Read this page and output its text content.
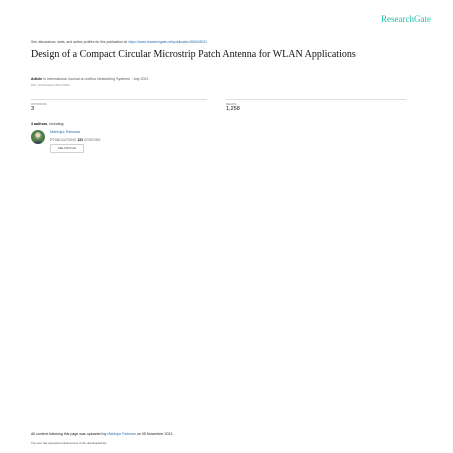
ResearchGate
See discussions, stats, and author profiles for this publication at: https://www.researchgate.net/publication/356005011
Design of a Compact Circular Microstrip Patch Antenna for WLAN Applications
Article in International Journal on AdHoc Networking Systems · July 2021
DOI: 10.5121/ijans.2021.11303
CITATIONS
3
READS
1,258
3 authors, including:
Mahfujur Rahman
7 PUBLICATIONS 223 CITATIONS
SEE PROFILE
All content following this page was uploaded by Mahfujur Rahman on 05 November 2021.
The user has requested enhancement of the downloaded file.
